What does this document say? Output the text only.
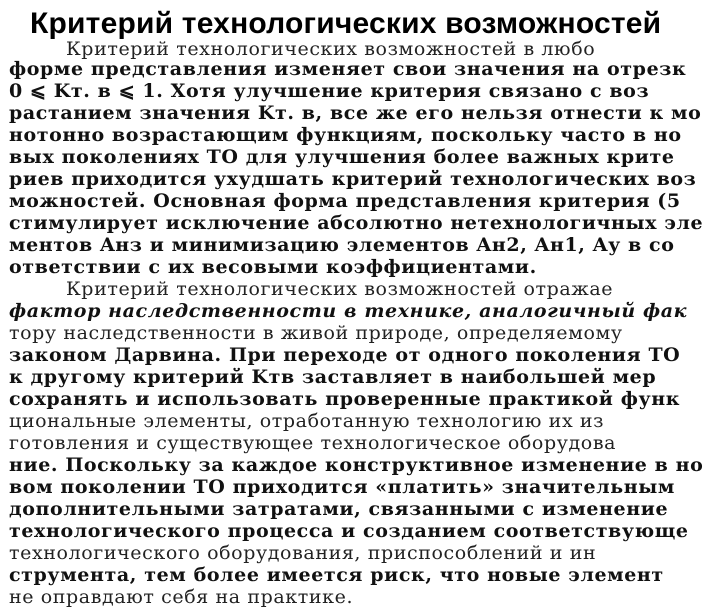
Критерий технологических возможностей
Критерий технологических возможностей в любо
форме представления изменяет свои значения на отрезк
0 ⩽ Kт. в ⩽ 1. Хотя улучшение критерия связано с воз
растанием значения Kт. в, все же его нельзя отнести к мо
нотонно возрастающим функциям, поскольку часто в но
вых поколениях ТО для улучшения более важных крите
риев приходится ухудшать критерий технологических воз
можностей. Основная форма представления критерия (5
стимулирует исключение абсолютно нетехнологичных эле
ментов Aнз и минимизацию элементов Aн2, Aн1, Aу в со
ответствии с их весовыми коэффициентами.
Критерий технологических возможностей отражае
фактор наследственности в технике, аналогичный фак
тору наследственности в живой природе, определяемому
законом Дарвина. При переходе от одного поколения ТО
к другому критерий Kтв заставляет в наибольшей мер
сохранять и использовать проверенные практикой функ
циональные элементы, отработанную технологию их из
готовления и существующее технологическое оборудова
ние. Поскольку за каждое конструктивное изменение в но
вом поколении ТО приходится «платить» значительным
дополнительными затратами, связанными с изменение
технологического процесса и созданием соответствующе
технологического оборудования, приспособлений и ин
струмента, тем более имеется риск, что новые элемент
не оправдают себя на практике.
